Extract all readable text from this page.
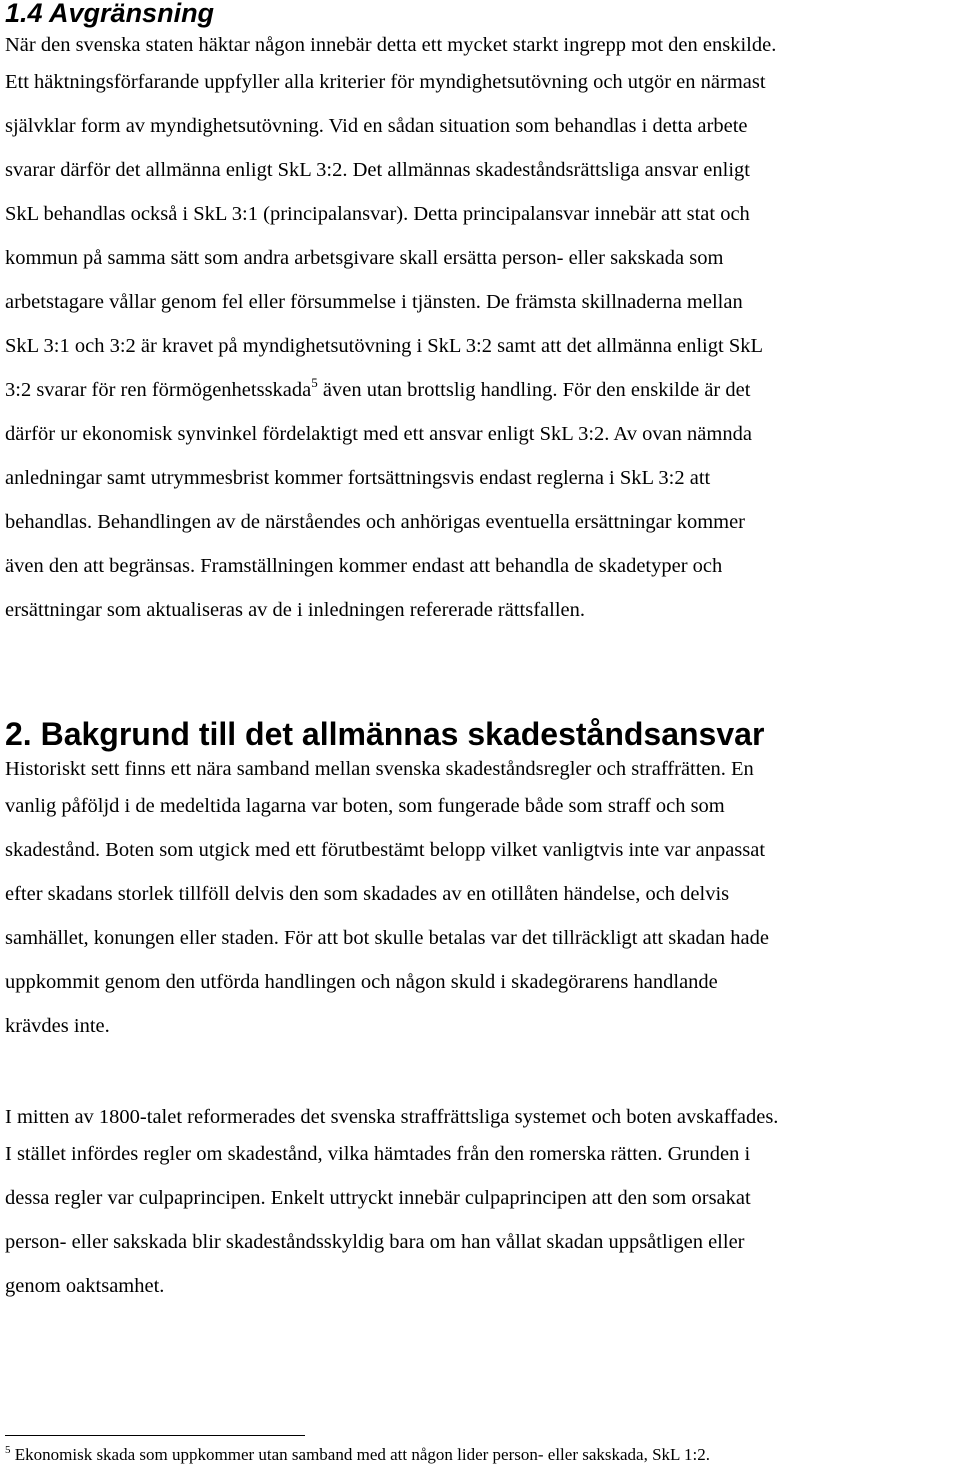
1.4 Avgränsning

När den svenska staten häktar någon innebär detta ett mycket starkt ingrepp mot den enskilde.
Ett häktningsförfarande uppfyller alla kriterier för myndighetsutövning och utgör en närmast
självklar form av myndighetsutövning. Vid en sådan situation som behandlas i detta arbete
svarar därför det allmänna enligt SkL 3:2. Det allmännas skadeståndsrättsliga ansvar enligt
SkL behandlas också i SkL 3:1 (principalansvar). Detta principalansvar innebär att stat och
kommun på samma sätt som andra arbetsgivare skall ersätta person- eller sakskada som
arbetstagare vållar genom fel eller försummelse i tjänsten. De främsta skillnaderna mellan
SkL 3:1 och 3:2 är kravet på myndighetsutövning i SkL 3:2 samt att det allmänna enligt SkL
3:2 svarar för ren förmögenhetsskada$^5$ även utan brottslig handling. För den enskilde är det
därför ur ekonomisk synvinkel fördelaktigt med ett ansvar enligt SkL 3:2. Av ovan nämnda
anledningar samt utrymmesbrist kommer fortsättningsvis endast reglerna i SkL 3:2 att
behandlas. Behandlingen av de närståendes och anhörigas eventuella ersättningar kommer
även den att begränsas. Framställningen kommer endast att behandla de skadetyper och
ersättningar som aktualiseras av de i inledningen refererade rättsfallen.

2. Bakgrund till det allmännas skadeståndsansvar

Historiskt sett finns ett nära samband mellan svenska skadeståndsregler och straffrätten. En
vanlig påföljd i de medeltida lagarna var boten, som fungerade både som straff och som
skadestånd. Boten som utgick med ett förutbestämt belopp vilket vanligtvis inte var anpassat
efter skadans storlek tillföll delvis den som skadades av en otillåten händelse, och delvis
samhället, konungen eller staden. För att bot skulle betalas var det tillräckligt att skadan hade
uppkommit genom den utförda handlingen och någon skuld i skadegörarens handlande
krävdes inte.

I mitten av 1800-talet reformerades det svenska straffrättsliga systemet och boten avskaffades.
I stället infördes regler om skadestånd, vilka hämtades från den romerska rätten. Grunden i
dessa regler var culpaprincipen. Enkelt uttryckt innebär culpaprincipen att den som orsakat
person- eller sakskada blir skadeståndsskyldig bara om han vållat skadan uppsåtligen eller
genom oaktsamhet.

$^5$ Ekonomisk skada som uppkommer utan samband med att någon lider person- eller sakskada, SkL 1:2.
